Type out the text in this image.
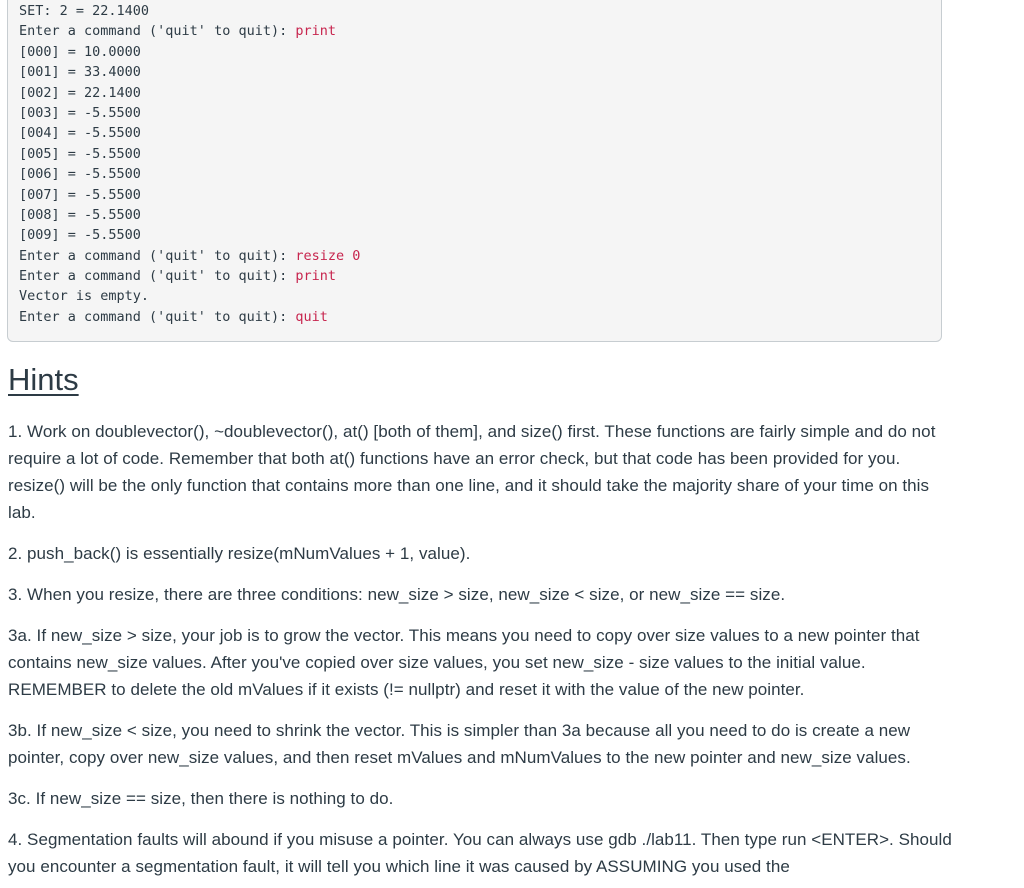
SET: 2 = 22.1400
Enter a command ('quit' to quit): print
[000] = 10.0000
[001] = 33.4000
[002] = 22.1400
[003] = -5.5500
[004] = -5.5500
[005] = -5.5500
[006] = -5.5500
[007] = -5.5500
[008] = -5.5500
[009] = -5.5500
Enter a command ('quit' to quit): resize 0
Enter a command ('quit' to quit): print
Vector is empty.
Enter a command ('quit' to quit): quit
Hints

1. Work on doublevector(), ~doublevector(), at() [both of them], and size() first. These functions are fairly simple and do not require a lot of code. Remember that both at() functions have an error check, but that code has been provided for you. resize() will be the only function that contains more than one line, and it should take the majority share of your time on this lab.

2. push_back() is essentially resize(mNumValues + 1, value).

3. When you resize, there are three conditions: new_size > size, new_size < size, or new_size == size.

3a. If new_size > size, your job is to grow the vector. This means you need to copy over size values to a new pointer that contains new_size values. After you've copied over size values, you set new_size - size values to the initial value. REMEMBER to delete the old mValues if it exists (!= nullptr) and reset it with the value of the new pointer.

3b. If new_size < size, you need to shrink the vector. This is simpler than 3a because all you need to do is create a new pointer, copy over new_size values, and then reset mValues and mNumValues to the new pointer and new_size values.

3c. If new_size == size, then there is nothing to do.

4. Segmentation faults will abound if you misuse a pointer. You can always use gdb ./lab11. Then type run <ENTER>. Should you encounter a segmentation fault, it will tell you which line it was caused by ASSUMING you used the
